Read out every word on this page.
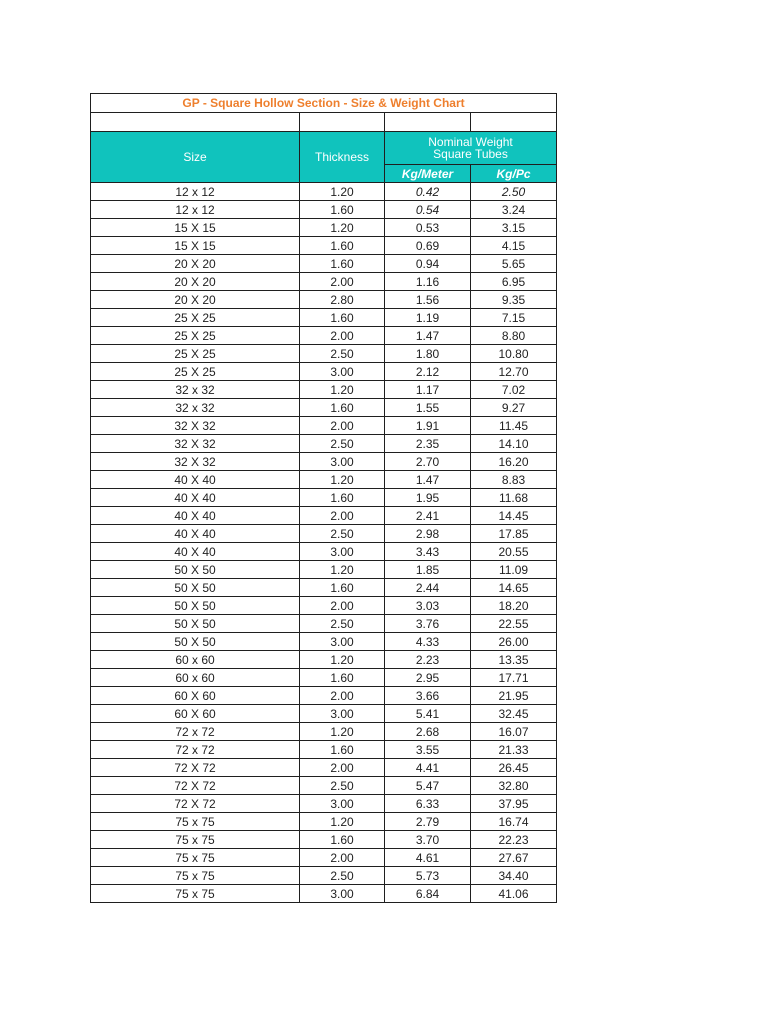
GP - Square Hollow Section - Size & Weight Chart			

Size	Thickness	Nominal Weight
Square Tubes	

		Kg/Meter	Kg/Pc
12 x 12	1.20	0.42	2.50
12 x 12	1.60	0.54	3.24
15 X 15	1.20	0.53	3.15
15 X 15	1.60	0.69	4.15
20 X 20	1.60	0.94	5.65
20 X 20	2.00	1.16	6.95
20 X 20	2.80	1.56	9.35
25 X 25	1.60	1.19	7.15
25 X 25	2.00	1.47	8.80
25 X 25	2.50	1.80	10.80
25 X 25	3.00	2.12	12.70
32 x 32	1.20	1.17	7.02
32 x 32	1.60	1.55	9.27
32 X 32	2.00	1.91	11.45
32 X 32	2.50	2.35	14.10
32 X 32	3.00	2.70	16.20
40 X 40	1.20	1.47	8.83
40 X 40	1.60	1.95	11.68
40 X 40	2.00	2.41	14.45
40 X 40	2.50	2.98	17.85
40 X 40	3.00	3.43	20.55
50 X 50	1.20	1.85	11.09
50 X 50	1.60	2.44	14.65
50 X 50	2.00	3.03	18.20
50 X 50	2.50	3.76	22.55
50 X 50	3.00	4.33	26.00
60 x 60	1.20	2.23	13.35
60 x 60	1.60	2.95	17.71
60 X 60	2.00	3.66	21.95
60 X 60	3.00	5.41	32.45
72 x 72	1.20	2.68	16.07
72 x 72	1.60	3.55	21.33
72 X 72	2.00	4.41	26.45
72 X 72	2.50	5.47	32.80
72 X 72	3.00	6.33	37.95
75 x 75	1.20	2.79	16.74
75 x 75	1.60	3.70	22.23
75 x 75	2.00	4.61	27.67
75 x 75	2.50	5.73	34.40
75 x 75	3.00	6.84	41.06
